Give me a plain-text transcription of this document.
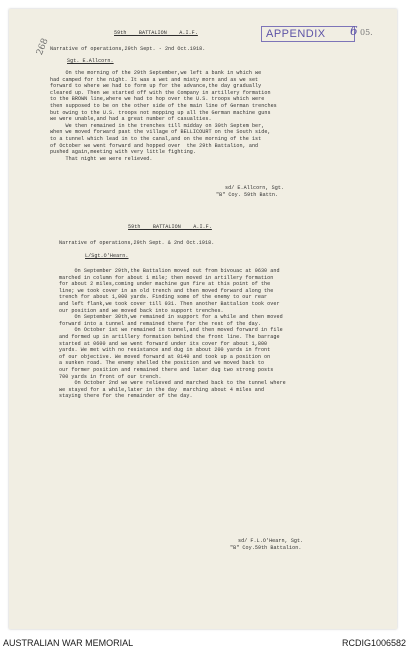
APPENDIX	6 05.
268
59th    BATTALION    A.I.F.
Narrative of operations,29th Sept. - 2nd Oct.1918.
Sgt. E.Allcorn.
On the morning of the 29th September,we left a bank in which we
had camped for the night. It was a wet and misty morn and as we set
forward to where we had to form up for the advance,the day gradually
cleared up. Then we started off with the Company in artillery formation
to the BROWN line,where we had to hop over the U.S. troops which were
then supposed to be on the other side of the main line of German trenches
but owing to the U.S. troops not mopping up all the German machine guns
we were unable,and had a great number of casualties.
We then remained in the trenches till midday on 30th Septem ber,
when we moved forward past the village of BELLICOURT on the South side,
to a tunnel which lead in to the canal,and on the morning of the 1st
of October we went forward and hopped over  the 29th Battalion, and
pushed again,meeting with very little fighting.
That night we were relieved.
sd/ E.Allcorn, Sgt.
"B" Coy. 59th Battn.
59th    BATTALION    A.I.F.
Narrative of operations,29th Sept. & 2nd Oct.1918.
L/Sgt.O'Hearn.
On September 29th,the Battalion moved out from bivouac at 0630 and
marched in column for about 1 mile; then moved in artillery formation
for about 2 miles,coming under machine gun fire at this point of the
line; we took cover in an old trench and then moved forward along the
trench for about 1,000 yards. Finding some of the enemy to our rear
and left flank,we took cover till 031. Then another Battalion took over
our position and we moved back into support trenches.
On September 30th,we remained in support for a while and then moved
forward into a tunnel and remained there for the rest of the day.
On October 1st we remained in tunnel,and then moved forward in file
and formed up in artillery formation behind the front line. The barrage
started at 0600 and we went forward under its cover for about 1,800
yards. We met with no resistance and dug in about 200 yards in front
of our objective. We moved forward at 0140 and took up a position on
a sunken road. The enemy shelled the position and we moved back to
our former position and remained there and later dug two strong posts
700 yards in front of our trench.
On October 2nd we were relieved and marched back to the tunnel where
we stayed for a while,later in the day  marching about 4 miles and
staying there for the remainder of the day.
sd/ F.L.O'Hearn, Sgt.
"B" Coy.59th Battalion.
AUSTRALIAN WAR MEMORIAL	RCDIG1006582
